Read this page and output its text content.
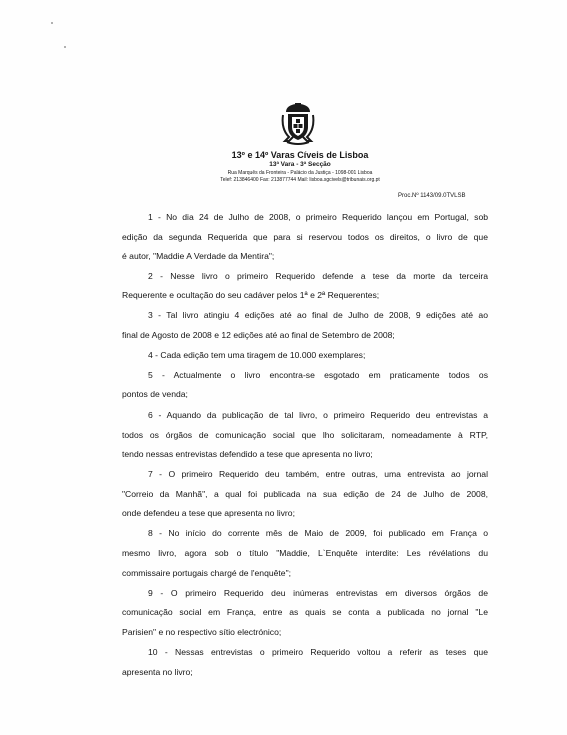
13º e 14º Varas Cíveis de Lisboa
13ª Vara - 3ª Secção
Rua Marquês da Fronteira - Palácio da Justiça - 1098-001 Lisboa
Telef: 213846400 Fax: 213877744 Mail: lisboa.sgcivels@tribunais.org.pt
Proc.Nº 1143/09.0TVLSB
1 - No dia 24 de Julho de 2008, o primeiro Requerido lançou em Portugal, sob
edição da segunda Requerida que para si reservou todos os direitos, o livro de que
é autor, "Maddie A Verdade da Mentira";
2 - Nesse livro o primeiro Requerido defende a tese da morte da terceira
Requerente e ocultação do seu cadáver pelos 1ª e 2ª Requerentes;
3 - Tal livro atingiu 4 edições até ao final de Julho de 2008, 9 edições até ao
final de Agosto de 2008 e 12 edições até ao final de Setembro de 2008;
4 - Cada edição tem uma tiragem de 10.000 exemplares;
5 - Actualmente o livro encontra-se esgotado em praticamente todos os
pontos de venda;
6 - Aquando da publicação de tal livro, o primeiro Requerido deu entrevistas a
todos os órgãos de comunicação social que lho solicitaram, nomeadamente à RTP,
tendo nessas entrevistas defendido a tese que apresenta no livro;
7 - O primeiro Requerido deu também, entre outras, uma entrevista ao jornal
"Correio da Manhã", a qual foi publicada na sua edição de 24 de Julho de 2008,
onde defendeu a tese que apresenta no livro;
8 - No início do corrente mês de Maio de 2009, foi publicado em França o
mesmo livro, agora sob o título "Maddie, L`Enquête interdite: Les révélations du
commissaire portugais chargé de l'enquête";
9 - O primeiro Requerido deu inúmeras entrevistas em diversos órgãos de
comunicação social em França, entre as quais se conta a publicada no jornal "Le
Parisien" e no respectivo sítio electrónico;
10 - Nessas entrevistas o primeiro Requerido voltou a referir as teses que
apresenta no livro;
